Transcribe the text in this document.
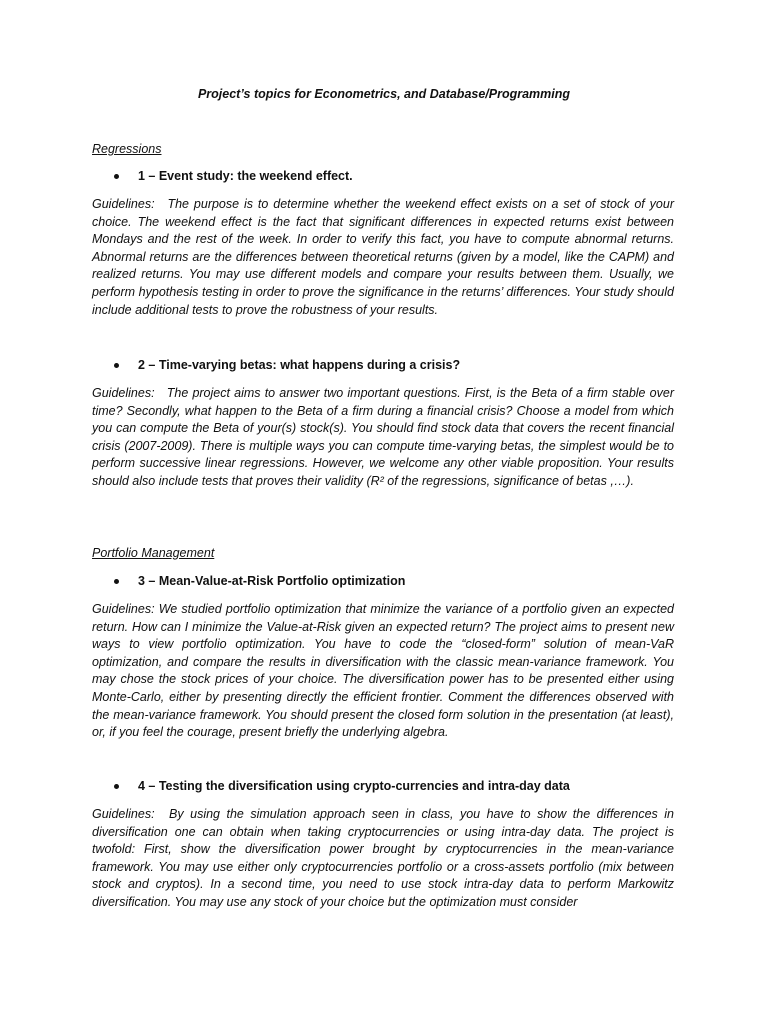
Project’s topics for Econometrics, and Database/Programming
Regressions
1 – Event study: the weekend effect.

Guidelines: The purpose is to determine whether the weekend effect exists on a set of stock of your choice. The weekend effect is the fact that significant differences in expected returns exist between Mondays and the rest of the week. In order to verify this fact, you have to compute abnormal returns. Abnormal returns are the differences between theoretical returns (given by a model, like the CAPM) and realized returns. You may use different models and compare your results between them. Usually, we perform hypothesis testing in order to prove the significance in the returns’ differences. Your study should include additional tests to prove the robustness of your results.

2 – Time-varying betas: what happens during a crisis?

Guidelines: The project aims to answer two important questions. First, is the Beta of a firm stable over time? Secondly, what happen to the Beta of a firm during a financial crisis? Choose a model from which you can compute the Beta of your(s) stock(s). You should find stock data that covers the recent financial crisis (2007-2009). There is multiple ways you can compute time-varying betas, the simplest would be to perform successive linear regressions. However, we welcome any other viable proposition. Your results should also include tests that proves their validity (R² of the regressions, significance of betas ,…).

Portfolio Management
3 – Mean-Value-at-Risk Portfolio optimization

Guidelines: We studied portfolio optimization that minimize the variance of a portfolio given an expected return. How can I minimize the Value-at-Risk given an expected return? The project aims to present new ways to view portfolio optimization. You have to code the “closed-form” solution of mean-VaR optimization, and compare the results in diversification with the classic mean-variance framework. You may chose the stock prices of your choice. The diversification power has to be presented either using Monte-Carlo, either by presenting directly the efficient frontier. Comment the differences observed with the mean-variance framework. You should present the closed form solution in the presentation (at least), or, if you feel the courage, present briefly the underlying algebra.

4 – Testing the diversification using crypto-currencies and intra-day data

Guidelines: By using the simulation approach seen in class, you have to show the differences in diversification one can obtain when taking cryptocurrencies or using intra-day data. The project is twofold: First, show the diversification power brought by cryptocurrencies in the mean-variance framework. You may use either only cryptocurrencies portfolio or a cross-assets portfolio (mix between stock and cryptos). In a second time, you need to use stock intra-day data to perform Markowitz diversification. You may use any stock of your choice but the optimization must consider
